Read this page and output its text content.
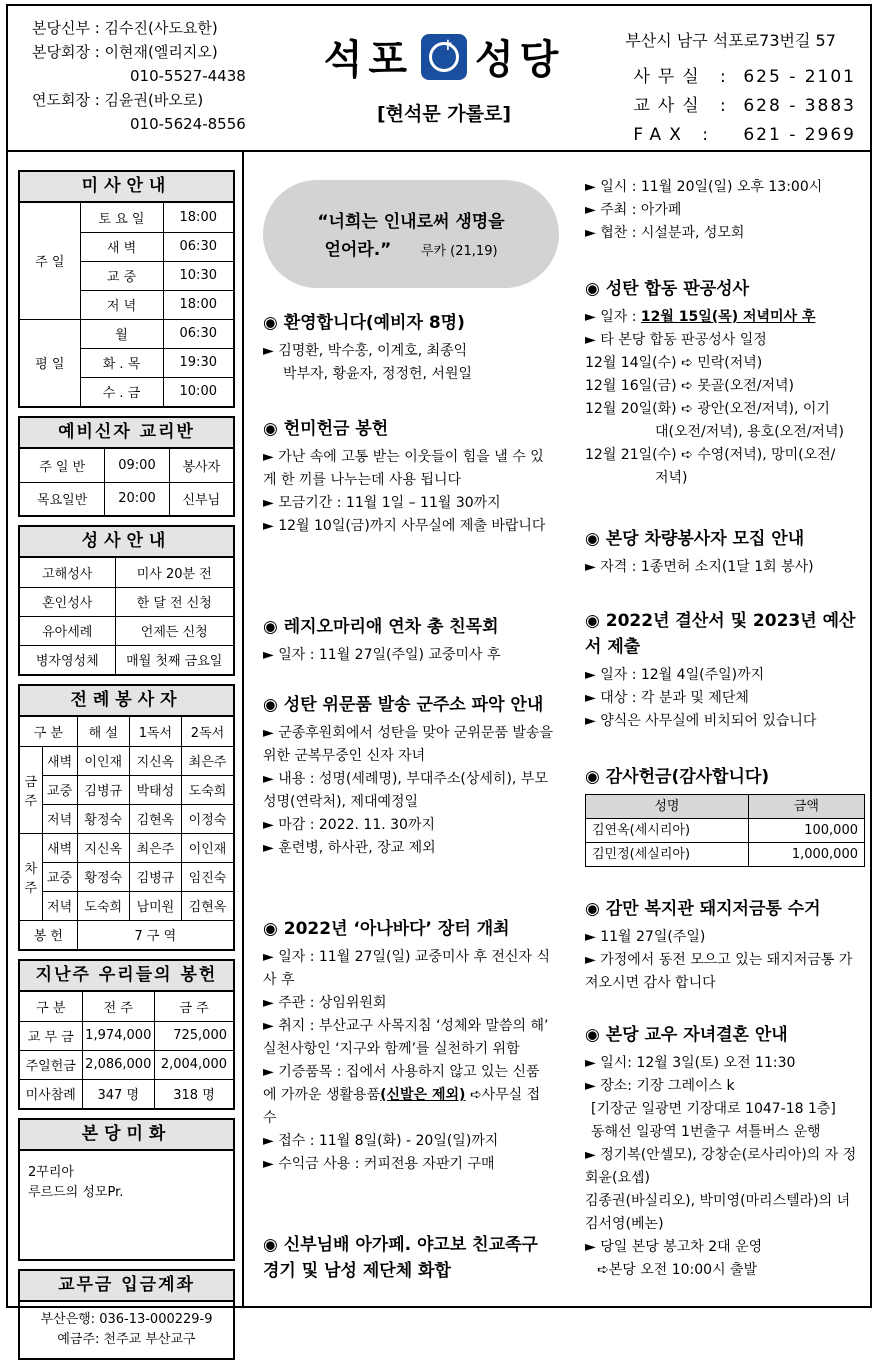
본당신부 : 김수진(사도요한)
본당회장 : 이현재(엘리지오)
010-5527-4438
연도회장 : 김윤권(바오로)
010-5624-8556
석포 ✝ 성당
[현석문 가롤로]
부산시 남구 석포로73번길 57
사무실 : 625 - 2101
교사실 : 628 - 3883
FAX : 621 - 2969
미사안내
주 일	토 요 일	18:00
	새 벽	06:30
	교 중	10:30
	저 녁	18:00
평 일	월	06:30
	화 . 목	19:30
	수 . 금	10:00
예비신자 교리반
주 일 반	09:00	봉사자
목요일반	20:00	신부님
성사안내
고해성사	미사 20분 전
혼인성사	한 달 전 신청
유아세례	언제든 신청
병자영성체	매월 첫째 금요일
전례봉사자
구 분		해 설	1독서	2독서
금주	새벽	이인재	지신옥	최은주
	교중	김병규	박태성	도숙희
	저녁	황정숙	김현옥	이정숙
차주	새벽	지신옥	최은주	이인재
	교중	황정숙	김병규	임진숙
	저녁	도숙희	남미원	김현옥
봉 헌		7 구 역		
지난주 우리들의 봉헌
구 분	전 주	금 주
교 무 금	1,974,000	725,000
주일헌금	2,086,000	2,004,000
미사참례	347 명	318 명
본당미화
2꾸리아
루르드의 성모Pr.
교무금 입금계좌
부산은행: 036-13-000229-9
예금주: 천주교 부산교구
“너희는 인내로써 생명을
얻어라.” 루카 (21,19)
◉ 환영합니다(예비자 8명)

► 김명환, 박수홍, 이계호, 최종익

박부자, 황윤자, 정정헌, 서원일

◉ 헌미헌금 봉헌

► 가난 속에 고통 받는 이웃들이 힘을 낼 수 있게 한 끼를 나누는데 사용 됩니다

► 모금기간 : 11월 1일 – 11월 30까지

► 12월 10일(금)까지 사무실에 제출 바랍니다

◉ 레지오마리애 연차 총 친목회

► 일자 : 11월 27일(주일) 교중미사 후

◉ 성탄 위문품 발송 군주소 파악 안내

► 군종후원회에서 성탄을 맞아 군위문품 발송을 위한 군복무중인 신자 자녀

► 내용 : 성명(세례명), 부대주소(상세히), 부모성명(연락처), 제대예정일

► 마감 : 2022. 11. 30까지

► 훈련병, 하사관, 장교 제외

◉ 2022년 ‘아나바다’ 장터 개최

► 일자 : 11월 27일(일) 교중미사 후 전신자 식사 후

► 주관 : 상임위원회

► 취지 : 부산교구 사목지침 ‘성체와 말씀의 해’ 실천사항인 ‘지구와 함께’를 실천하기 위함

► 기증품목 : 집에서 사용하지 않고 있는 신품에 가까운 생활용품(신발은 제외) ➪사무실 접수

► 접수 : 11월 8일(화) - 20일(일)까지

► 수익금 사용 : 커피전용 자판기 구매

◉ 신부님배 아가페. 야고보 친교족구경기 및 남성 제단체 화합

► 일시 : 11월 20일(일) 오후 13:00시

► 주최 : 아가페

► 협찬 : 시설분과, 성모회

◉ 성탄 합동 판공성사

► 일자 : 12월 15일(목) 저녁미사 후

► 타 본당 합동 판공성사 일정

12월 14일(수) ➪ 민락(저녁)

12월 16일(금) ➪ 못골(오전/저녁)

12월 20일(화) ➪ 광안(오전/저녁), 이기

대(오전/저녁), 용호(오전/저녁)

12월 21일(수) ➪ 수영(저녁), 망미(오전/

저녁)

◉ 본당 차량봉사자 모집 안내

► 자격 : 1종면허 소지(1달 1회 봉사)

◉ 2022년 결산서 및 2023년 예산서 제출

► 일자 : 12월 4일(주일)까지

► 대상 : 각 분과 및 제단체

► 양식은 사무실에 비치되어 있습니다

◉ 감사헌금(감사합니다)
성명	금액
김연옥(세시리아)	100,000
김민정(세실리아)	1,000,000
◉ 감만 복지관 돼지저금통 수거

► 11월 27일(주일)

► 가정에서 동전 모으고 있는 돼지저금통 가져오시면 감사 합니다

◉ 본당 교우 자녀결혼 안내

► 일시: 12월 3일(토) 오전 11:30

► 장소: 기장 그레이스 k

[기장군 일광면 기장대로 1047-18 1층]

동해선 일광역 1번출구 셔틀버스 운행

► 정기복(안셀모), 강창순(로사리아)의 자 정회윤(요셉)

김종권(바실리오), 박미영(마리스텔라)의 녀 김서영(베논)

► 당일 본당 봉고차 2대 운영

➪본당 오전 10:00시 출발
